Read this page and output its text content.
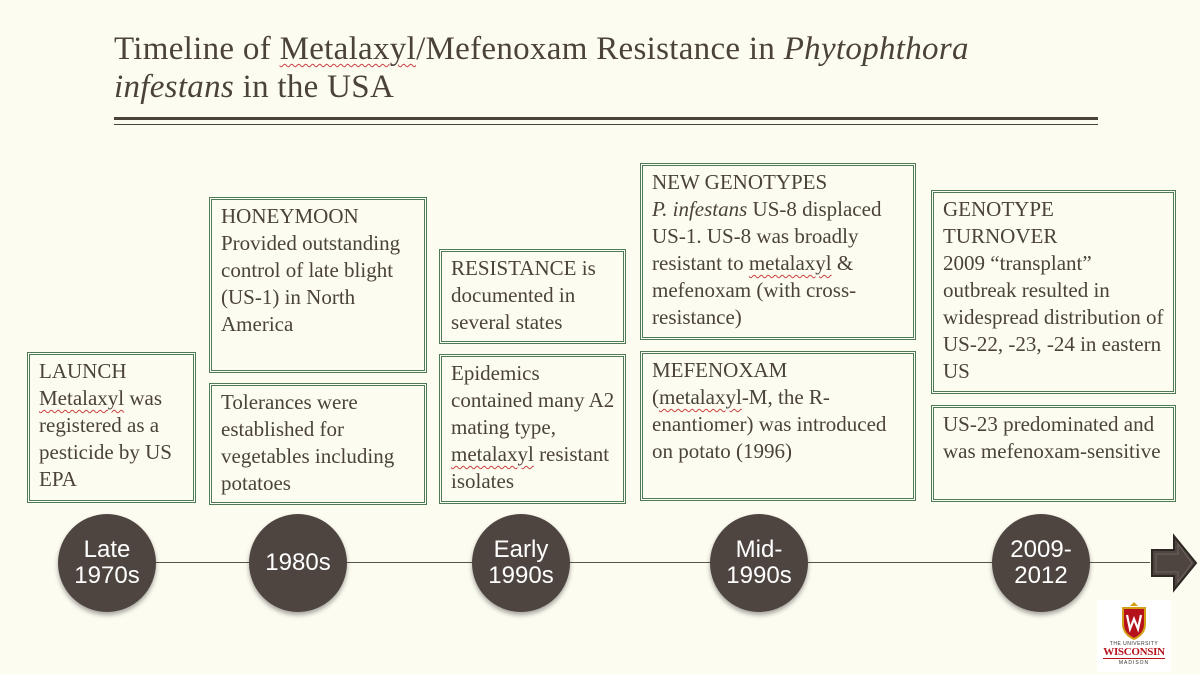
Timeline of Metalaxyl/Mefenoxam Resistance in Phytophthora
infestans in the USA
LAUNCH
Metalaxyl was registered as a pesticide by US EPA
HONEYMOON
Provided outstanding control of late blight (US-1) in North America
Tolerances were established for vegetables including potatoes
RESISTANCE is documented in several states
Epidemics contained many A2 mating type, metalaxyl resistant isolates
NEW GENOTYPES
P. infestans US-8 displaced US-1. US-8 was broadly resistant to metalaxyl & mefenoxam (with cross-resistance)
MEFENOXAM
(metalaxyl-M, the R-enantiomer) was introduced on potato (1996)
GENOTYPE TURNOVER
2009 “transplant” outbreak resulted in widespread distribution of US-22, -23, -24 in eastern US
US-23 predominated and was mefenoxam-sensitive
Late 1970s	1980s	Early 1990s
Mid-1990s
2009-2012
THE UNIVERSITY
WISCONSIN
MADISON
